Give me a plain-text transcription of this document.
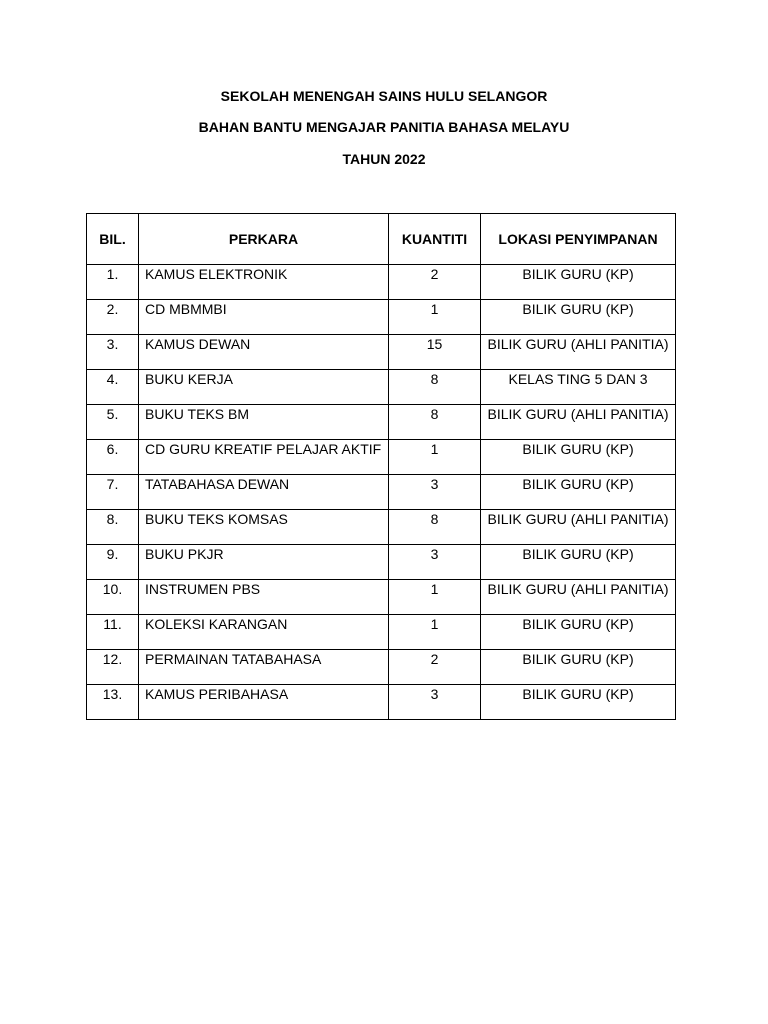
SEKOLAH MENENGAH SAINS HULU SELANGOR
BAHAN BANTU MENGAJAR PANITIA BAHASA MELAYU
TAHUN 2022
BIL.	PERKARA	KUANTITI	LOKASI PENYIMPANAN
1.	KAMUS ELEKTRONIK	2	BILIK GURU (KP)
2.	CD MBMMBI	1	BILIK GURU (KP)
3.	KAMUS DEWAN	15	BILIK GURU (AHLI PANITIA)
4.	BUKU KERJA	8	KELAS TING 5 DAN 3
5.	BUKU TEKS BM	8	BILIK GURU (AHLI PANITIA)
6.	CD GURU KREATIF PELAJAR AKTIF	1	BILIK GURU (KP)
7.	TATABAHASA DEWAN	3	BILIK GURU (KP)
8.	BUKU TEKS KOMSAS	8	BILIK GURU (AHLI PANITIA)
9.	BUKU PKJR	3	BILIK GURU (KP)
10.	INSTRUMEN PBS	1	BILIK GURU (AHLI PANITIA)
11.	KOLEKSI KARANGAN	1	BILIK GURU (KP)
12.	PERMAINAN TATABAHASA	2	BILIK GURU (KP)
13.	KAMUS PERIBAHASA	3	BILIK GURU (KP)
